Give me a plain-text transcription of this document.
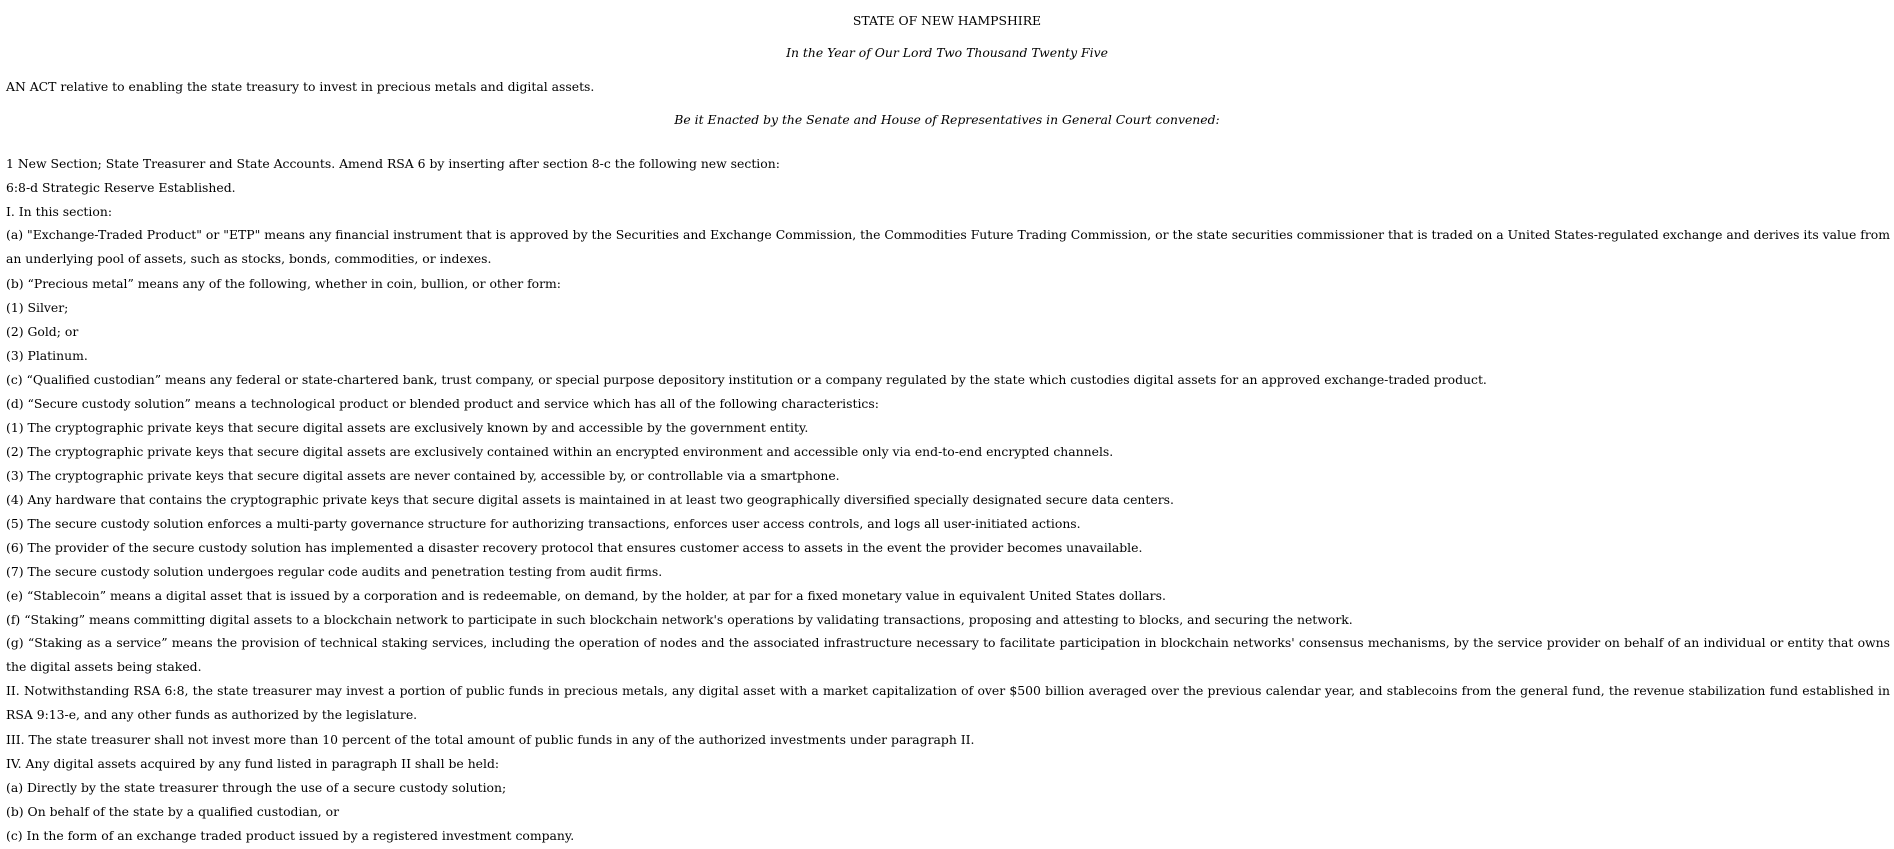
STATE OF NEW HAMPSHIRE
In the Year of Our Lord Two Thousand Twenty Five
AN ACT relative to enabling the state treasury to invest in precious metals and digital assets.
Be it Enacted by the Senate and House of Representatives in General Court convened:
1 New Section; State Treasurer and State Accounts. Amend RSA 6 by inserting after section 8-c the following new section:
6:8-d Strategic Reserve Established.
I. In this section:
(a) "Exchange-Traded Product" or "ETP" means any financial instrument that is approved by the Securities and Exchange Commission, the Commodities Future Trading Commission, or the state securities commissioner that is traded on a United States-regulated exchange and derives its value from an underlying pool of assets, such as stocks, bonds, commodities, or indexes.
(b) “Precious metal” means any of the following, whether in coin, bullion, or other form:
(1) Silver;
(2) Gold; or
(3) Platinum.
(c) “Qualified custodian” means any federal or state-chartered bank, trust company, or special purpose depository institution or a company regulated by the state which custodies digital assets for an approved exchange-traded product.
(d) “Secure custody solution” means a technological product or blended product and service which has all of the following characteristics:
(1) The cryptographic private keys that secure digital assets are exclusively known by and accessible by the government entity.
(2) The cryptographic private keys that secure digital assets are exclusively contained within an encrypted environment and accessible only via end-to-end encrypted channels.
(3) The cryptographic private keys that secure digital assets are never contained by, accessible by, or controllable via a smartphone.
(4) Any hardware that contains the cryptographic private keys that secure digital assets is maintained in at least two geographically diversified specially designated secure data centers.
(5) The secure custody solution enforces a multi-party governance structure for authorizing transactions, enforces user access controls, and logs all user-initiated actions.
(6) The provider of the secure custody solution has implemented a disaster recovery protocol that ensures customer access to assets in the event the provider becomes unavailable.
(7) The secure custody solution undergoes regular code audits and penetration testing from audit firms.
(e) “Stablecoin” means a digital asset that is issued by a corporation and is redeemable, on demand, by the holder, at par for a fixed monetary value in equivalent United States dollars.
(f) “Staking” means committing digital assets to a blockchain network to participate in such blockchain network's operations by validating transactions, proposing and attesting to blocks, and securing the network.
(g) “Staking as a service” means the provision of technical staking services, including the operation of nodes and the associated infrastructure necessary to facilitate participation in blockchain networks' consensus mechanisms, by the service provider on behalf of an individual or entity that owns the digital assets being staked.
II. Notwithstanding RSA 6:8, the state treasurer may invest a portion of public funds in precious metals, any digital asset with a market capitalization of over $500 billion averaged over the previous calendar year, and stablecoins from the general fund, the revenue stabilization fund established in RSA 9:13-e, and any other funds as authorized by the legislature.
III. The state treasurer shall not invest more than 10 percent of the total amount of public funds in any of the authorized investments under paragraph II.
IV. Any digital assets acquired by any fund listed in paragraph II shall be held:
(a) Directly by the state treasurer through the use of a secure custody solution;
(b) On behalf of the state by a qualified custodian, or
(c) In the form of an exchange traded product issued by a registered investment company.
